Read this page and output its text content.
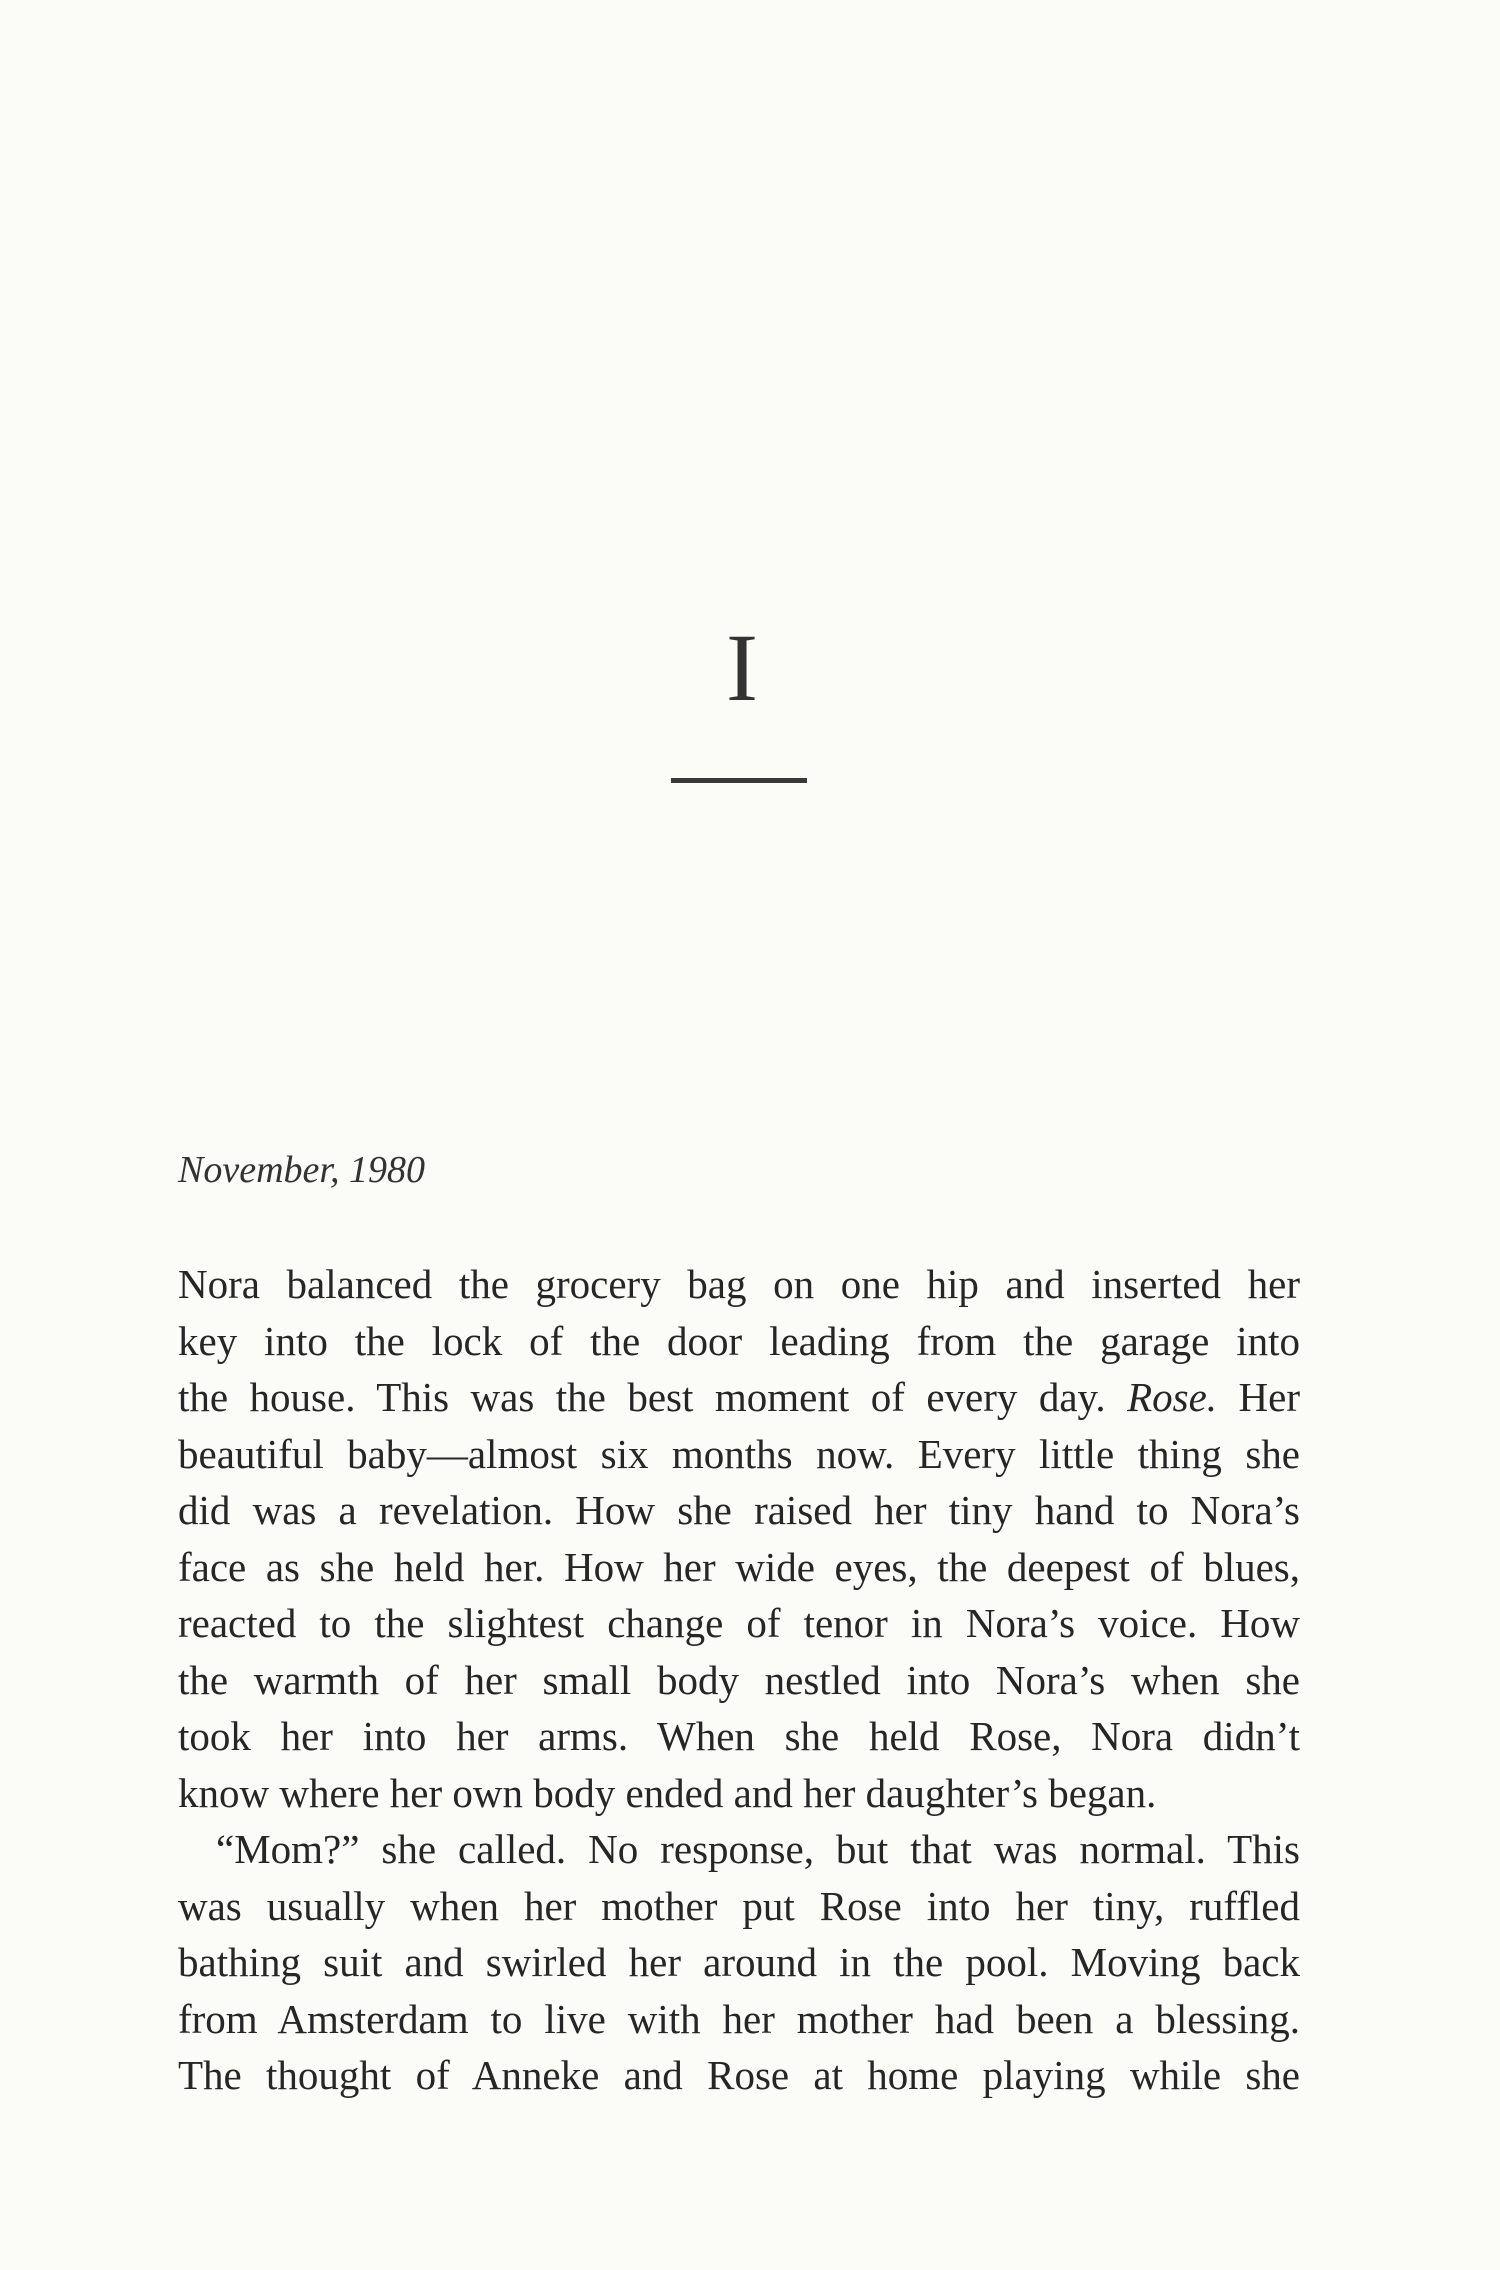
I
November, 1980
Nora balanced the grocery bag on one hip and inserted her
key into the lock of the door leading from the garage into
the house. This was the best moment of every day. Rose. Her
beautiful baby—almost six months now. Every little thing she
did was a revelation. How she raised her tiny hand to Nora’s
face as she held her. How her wide eyes, the deepest of blues,
reacted to the slightest change of tenor in Nora’s voice. How
the warmth of her small body nestled into Nora’s when she
took her into her arms. When she held Rose, Nora didn’t
know where her own body ended and her daughter’s began.
“Mom?” she called. No response, but that was normal. This
was usually when her mother put Rose into her tiny, ruffled
bathing suit and swirled her around in the pool. Moving back
from Amsterdam to live with her mother had been a blessing.
The thought of Anneke and Rose at home playing while she
